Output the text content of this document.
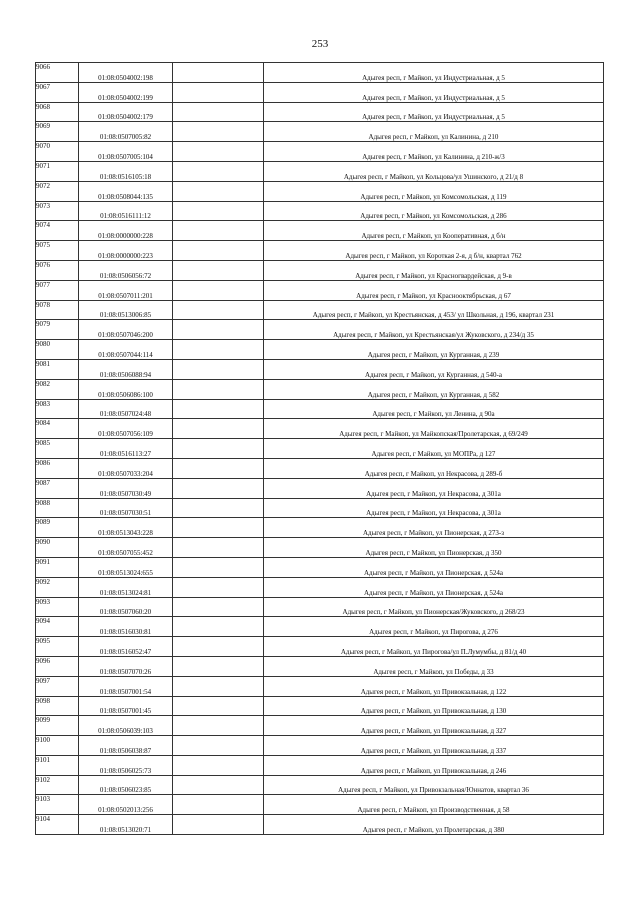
253
9066	01:08:0504002:198		Адыгея респ, г Майкоп, ул Индустриальная, д 5
9067	01:08:0504002:199		Адыгея респ, г Майкоп, ул Индустриальная, д 5
9068	01:08:0504002:179		Адыгея респ, г Майкоп, ул Индустриальная, д 5
9069	01:08:0507005:82		Адыгея респ, г Майкоп, ул Калинина, д 210
9070	01:08:0507005:104		Адыгея респ, г Майкоп, ул Калинина, д 210-ж/3
9071	01:08:0516105:18		Адыгея респ, г Майкоп, ул Кольцова/ул Ушинского, д 21/д 8
9072	01:08:0508044:135		Адыгея респ, г Майкоп, ул Комсомольская, д 119
9073	01:08:0516111:12		Адыгея респ, г Майкоп, ул Комсомольская, д 286
9074	01:08:0000000:228		Адыгея респ, г Майкоп, ул Кооперативная, д б/н
9075	01:08:0000000:223		Адыгея респ, г Майкоп, ул Короткая 2-я, д б/н, квартал 762
9076	01:08:0506056:72		Адыгея респ, г Майкоп, ул Красногвардейская, д 9-в
9077	01:08:0507011:201		Адыгея респ, г Майкоп, ул Краснооктябрьская, д 67
9078	01:08:0513006:85		Адыгея респ, г Майкоп, ул Крестьянская, д 453/ ул Школьная, д 196, квартал 231
9079	01:08:0507046:200		Адыгея респ, г Майкоп, ул Крестьянская/ул Жуковского, д 234/д 35
9080	01:08:0507044:114		Адыгея респ, г Майкоп, ул Курганная, д 239
9081	01:08:0506088:94		Адыгея респ, г Майкоп, ул Курганная, д 540-а
9082	01:08:0506086:100		Адыгея респ, г Майкоп, ул Курганная, д 582
9083	01:08:0507024:48		Адыгея респ, г Майкоп, ул Ленина, д 90а
9084	01:08:0507056:109		Адыгея респ, г Майкоп, ул Майкопская/Пролетарская, д 69/249
9085	01:08:0516113:27		Адыгея респ, г Майкоп, ул МОПРа, д 127
9086	01:08:0507033:204		Адыгея респ, г Майкоп, ул Некрасова, д 289-б
9087	01:08:0507030:49		Адыгея респ, г Майкоп, ул Некрасова, д 301а
9088	01:08:0507030:51		Адыгея респ, г Майкоп, ул Некрасова, д 301а
9089	01:08:0513043:228		Адыгея респ, г Майкоп, ул Пионерская, д 273-з
9090	01:08:0507055:452		Адыгея респ, г Майкоп, ул Пионерская, д 350
9091	01:08:0513024:655		Адыгея респ, г Майкоп, ул Пионерская, д 524а
9092	01:08:0513024:81		Адыгея респ, г Майкоп, ул Пионерская, д 524а
9093	01:08:0507060:20		Адыгея респ, г Майкоп, ул Пионерская/Жуковского, д 268/23
9094	01:08:0516030:81		Адыгея респ, г Майкоп, ул Пирогова, д 276
9095	01:08:0516052:47		Адыгея респ, г Майкоп, ул Пирогова/ул П.Лумумбы, д 81/д 40
9096	01:08:0507070:26		Адыгея респ, г Майкоп, ул Победы, д 33
9097	01:08:0507001:54		Адыгея респ, г Майкоп, ул Привокзальная, д 122
9098	01:08:0507001:45		Адыгея респ, г Майкоп, ул Привокзальная, д 130
9099	01:08:0506039:103		Адыгея респ, г Майкоп, ул Привокзальная, д 327
9100	01:08:0506038:87		Адыгея респ, г Майкоп, ул Привокзальная, д 337
9101	01:08:0506025:73		Адыгея респ, г Майкоп, ул Привокзальная, д 246
9102	01:08:0506023:85		Адыгея респ, г Майкоп, ул Привокзальная/Юннатов, квартал 36
9103	01:08:0502013:256		Адыгея респ, г Майкоп, ул Производственная, д 58
9104	01:08:0513020:71		Адыгея респ, г Майкоп, ул Пролетарская, д 380
